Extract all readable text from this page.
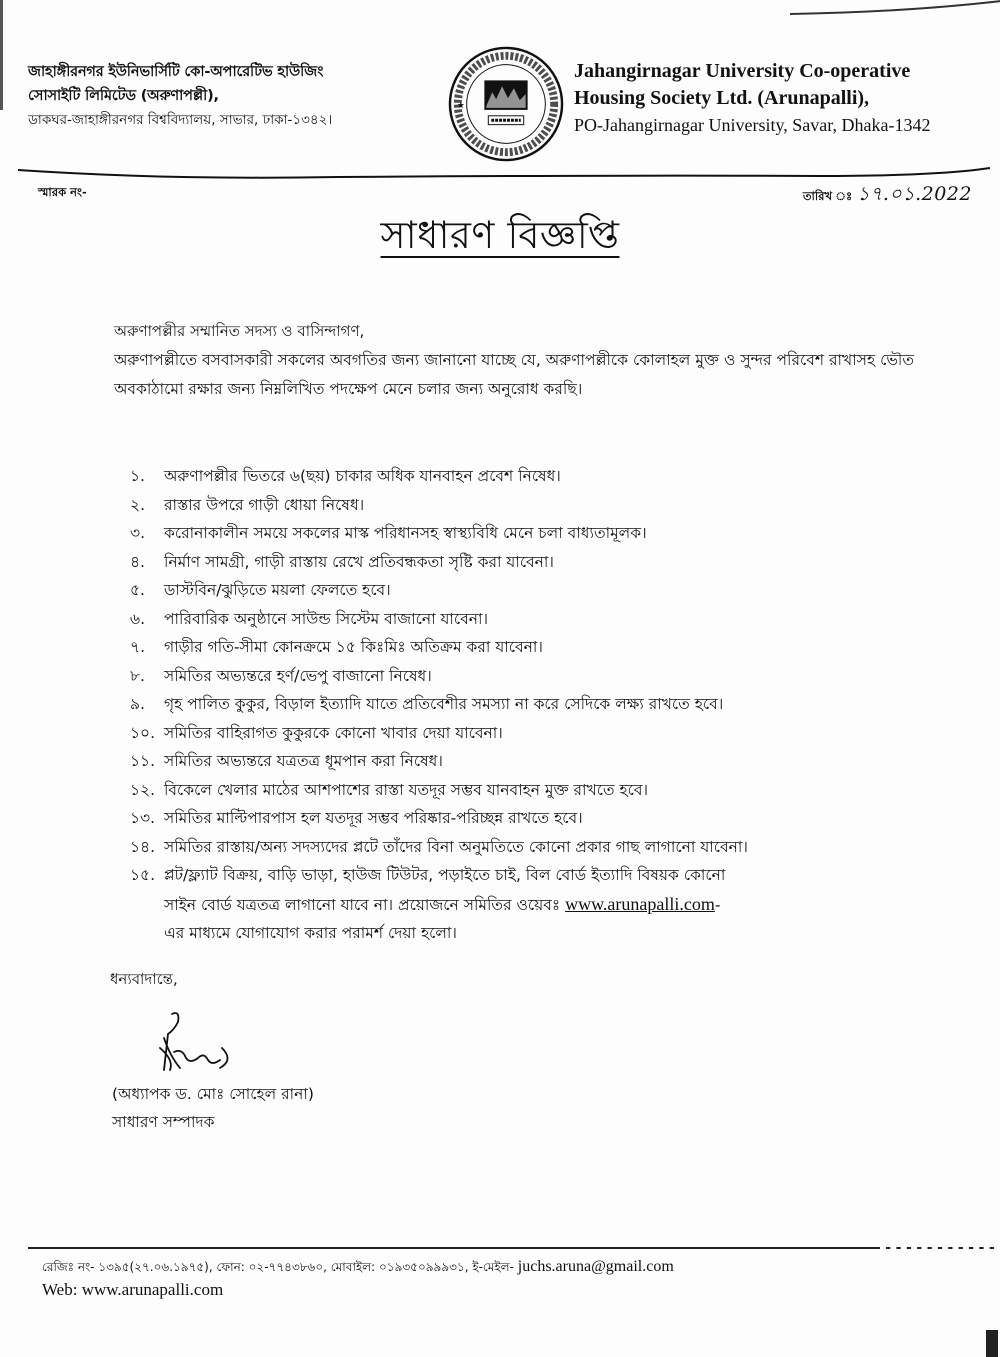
জাহাঙ্গীরনগর ইউনিভার্সিটি কো-অপারেটিভ হাউজিং
সোসাইটি লিমিটেড (অরুণাপল্লী),
ডাকঘর-জাহাঙ্গীরনগর বিশ্ববিদ্যালয়, সাভার, ঢাকা-১৩৪২।
★
Jahangirnagar University Co-operative
Housing Society Ltd. (Arunapalli),
PO-Jahangirnagar University, Savar, Dhaka-1342
স্মারক নং-	তারিখ ঃ ১৭.০১.2022
সাধারণ বিজ্ঞপ্তি
অরুণাপল্লীর সম্মানিত সদস্য ও বাসিন্দাগণ,
অরুণাপল্লীতে বসবাসকারী সকলের অবগতির জন্য জানানো যাচ্ছে যে, অরুণাপল্লীকে কোলাহল মুক্ত ও সুন্দর পরিবেশ রাখাসহ ভৌত অবকাঠামো রক্ষার জন্য নিম্নলিখিত পদক্ষেপ মেনে চলার জন্য অনুরোধ করছি।
১.	অরুণাপল্লীর ভিতরে ৬(ছয়) চাকার অধিক যানবাহন প্রবেশ নিষেধ।
২.	রাস্তার উপরে গাড়ী ধোয়া নিষেধ।
৩.	করোনাকালীন সময়ে সকলের মাস্ক পরিধানসহ স্বাস্থ্যবিধি মেনে চলা বাধ্যতামূলক।
৪.	নির্মাণ সামগ্রী, গাড়ী রাস্তায় রেখে প্রতিবন্ধকতা সৃষ্টি করা যাবেনা।
৫.	ডাস্টবিন/ঝুড়িতে ময়লা ফেলতে হবে।
৬.	পারিবারিক অনুষ্ঠানে সাউন্ড সিস্টেম বাজানো যাবেনা।
৭.	গাড়ীর গতি-সীমা কোনক্রমে ১৫ কিঃমিঃ অতিক্রম করা যাবেনা।
৮.	সমিতির অভ্যন্তরে হর্ণ/ভেপু বাজানো নিষেধ।
৯.	গৃহ পালিত কুকুর, বিড়াল ইত্যাদি যাতে প্রতিবেশীর সমস্যা না করে সেদিকে লক্ষ্য রাখতে হবে।
১০. সমিতির বাহিরাগত কুকুরকে কোনো খাবার দেয়া যাবেনা।
১১. সমিতির অভ্যন্তরে যত্রতত্র ধূমপান করা নিষেধ।
১২. বিকেলে খেলার মাঠের আশপাশের রাস্তা যতদূর সম্ভব যানবাহন মুক্ত রাখতে হবে।
১৩. সমিতির মাল্টিপারপাস হল যতদূর সম্ভব পরিষ্কার-পরিচ্ছন্ন রাখতে হবে।
১৪. সমিতির রাস্তায়/অন্য সদস্যদের প্লটে তাঁদের বিনা অনুমতিতে কোনো প্রকার গাছ লাগানো যাবেনা।
১৫. প্লট/ফ্ল্যাট বিক্রয়, বাড়ি ভাড়া, হাউজ টিউটর, পড়াইতে চাই, বিল বোর্ড ইত্যাদি বিষয়ক কোনো
সাইন বোর্ড যত্রতত্র লাগানো যাবে না। প্রয়োজনে সমিতির ওয়েবঃ www.arunapalli.com-
এর মাধ্যমে যোগাযোগ করার পরামর্শ দেয়া হলো।
ধন্যবাদান্তে,
(অধ্যাপক ড. মোঃ সোহেল রানা)
সাধারণ সম্পাদক
রেজিঃ নং- ১৩৯৫(২৭.০৬.১৯৭৫), ফোন: ০২-৭৭৪৩৮৬০, মোবাইল: ০১৯৩৫০৯৯৯৩১, ই-মেইল- juchs.aruna@gmail.com
Web: www.arunapalli.com
